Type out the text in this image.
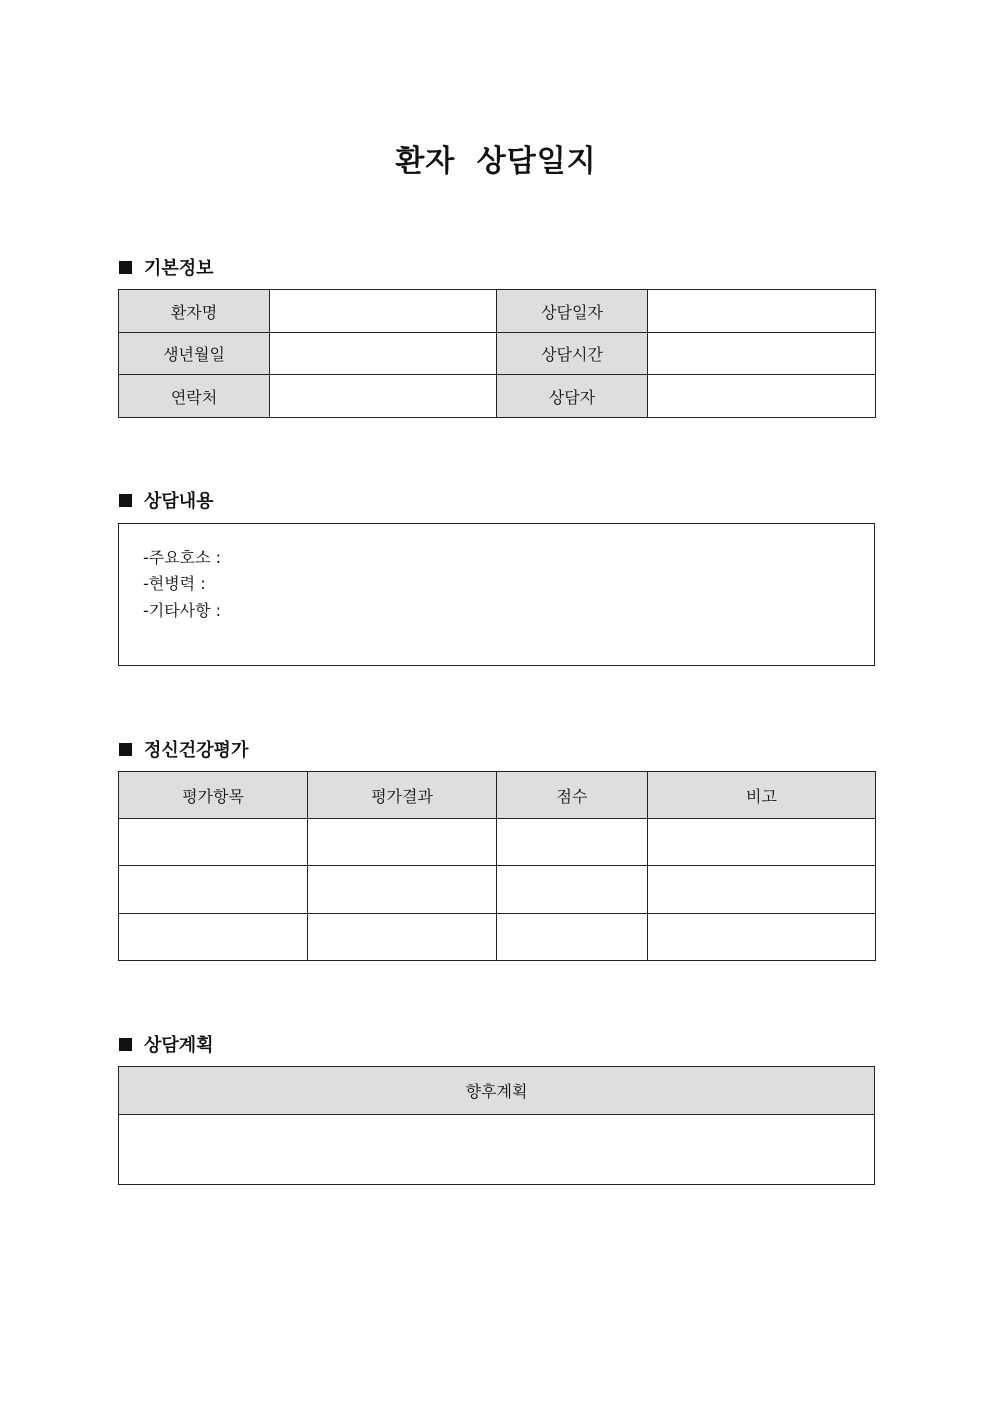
환자 상담일지
기본정보
환자명		상담일자	
생년월일		상담시간	
연락처		상담자	
상담내용
-주요호소 :
-현병력 :
-기타사항 :
정신건강평가
평가항목	평가결과	점수	비고

상담계획
향후계획
